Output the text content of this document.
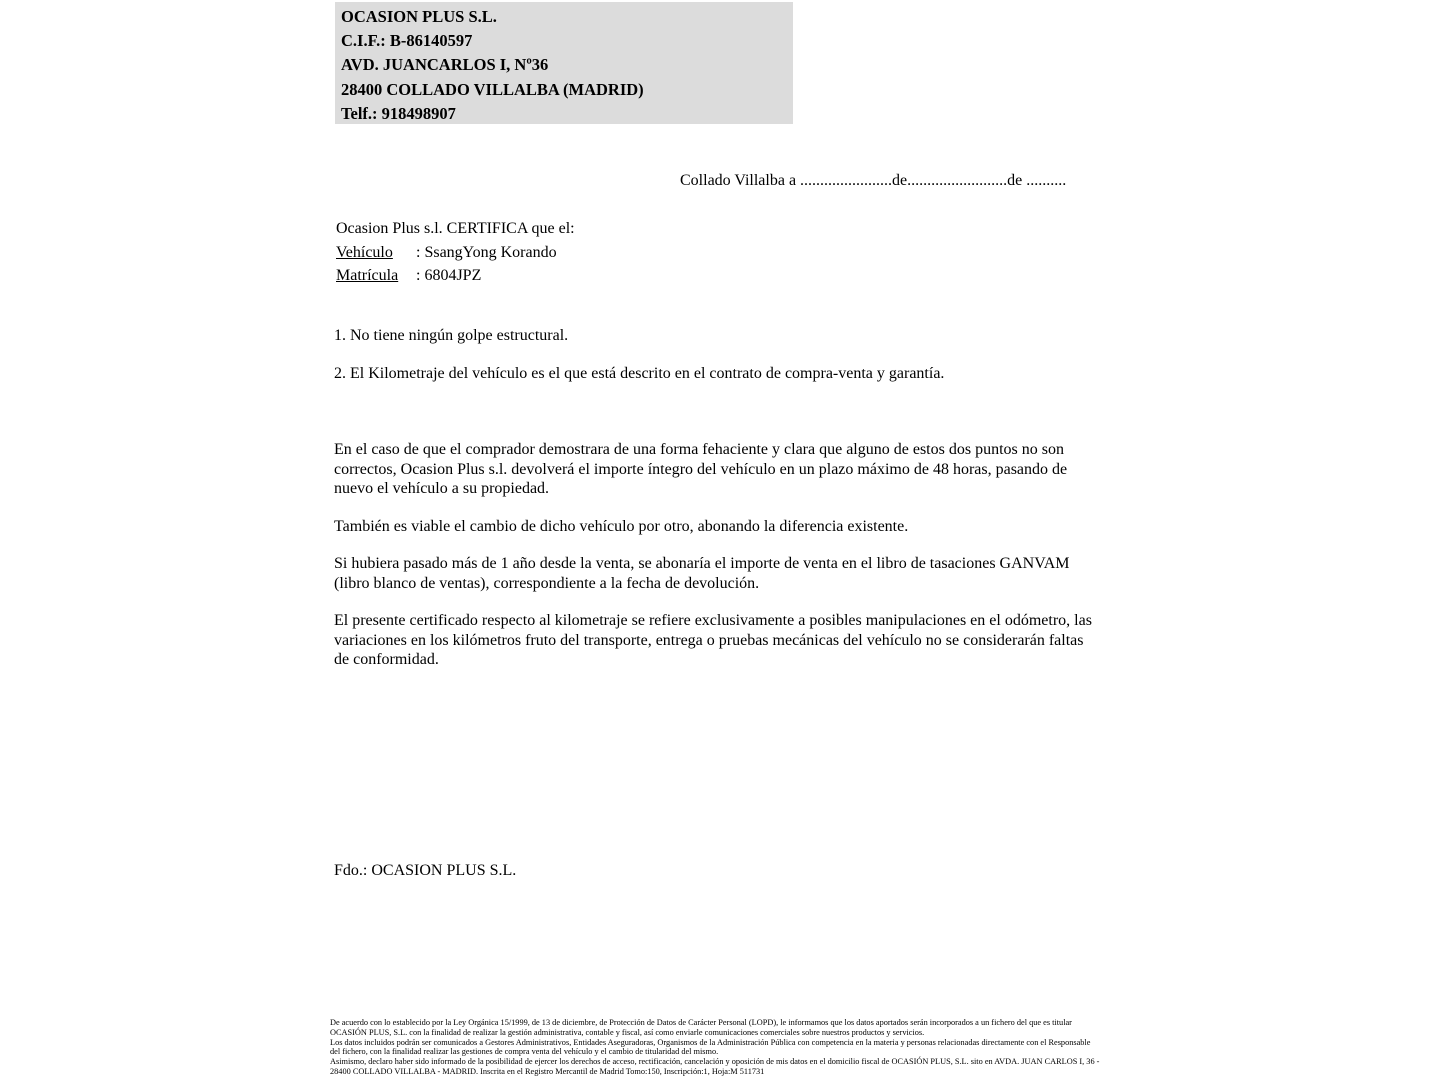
OCASION PLUS S.L.
C.I.F.: B-86140597
AVD. JUANCARLOS I, Nº36
28400 COLLADO VILLALBA (MADRID)
Telf.: 918498907
Collado Villalba a .......................de.........................de ..........
Ocasion Plus s.l. CERTIFICA que el:
Vehículo : SsangYong Korando
Matrícula : 6804JPZ

1. No tiene ningún golpe estructural.

2. El Kilometraje del vehículo es el que está descrito en el contrato de compra-venta y garantía.

En el caso de que el comprador demostrara de una forma fehaciente y clara que alguno de estos dos puntos no son correctos, Ocasion Plus s.l. devolverá el importe íntegro del vehículo en un plazo máximo de 48 horas, pasando de nuevo el vehículo a su propiedad.

También es viable el cambio de dicho vehículo por otro, abonando la diferencia existente.

Si hubiera pasado más de 1 año desde la venta, se abonaría el importe de venta en el libro de tasaciones GANVAM (libro blanco de ventas), correspondiente a la fecha de devolución.

El presente certificado respecto al kilometraje se refiere exclusivamente a posibles manipulaciones en el odómetro, las variaciones en los kilómetros fruto del transporte, entrega o pruebas mecánicas del vehículo no se considerarán faltas de conformidad.

Fdo.: OCASION PLUS S.L.

De acuerdo con lo establecido por la Ley Orgánica 15/1999, de 13 de diciembre, de Protección de Datos de Carácter Personal (LOPD), le informamos que los datos aportados serán incorporados a un fichero del que es titular OCASIÓN PLUS, S.L. con la finalidad de realizar la gestión administrativa, contable y fiscal, así como enviarle comunicaciones comerciales sobre nuestros productos y servicios.

Los datos incluidos podrán ser comunicados a Gestores Administrativos, Entidades Aseguradoras, Organismos de la Administración Pública con competencia en la materia y personas relacionadas directamente con el Responsable del fichero, con la finalidad realizar las gestiones de compra venta del vehículo y el cambio de titularidad del mismo.

Asimismo, declaro haber sido informado de la posibilidad de ejercer los derechos de acceso, rectificación, cancelación y oposición de mis datos en el domicilio fiscal de OCASIÓN PLUS, S.L. sito en AVDA. JUAN CARLOS I, 36 - 28400 COLLADO VILLALBA - MADRID. Inscrita en el Registro Mercantil de Madrid Tomo:150, Inscripción:1, Hoja:M 511731
